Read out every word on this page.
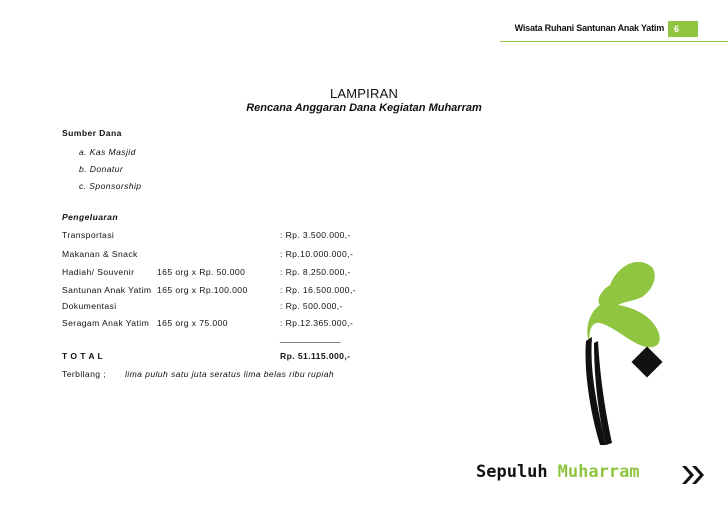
Wisata Ruhani Santunan Anak Yatim	6
LAMPIRAN
Rencana Anggaran Dana Kegiatan Muharram
Sumber Dana
a. Kas Masjid
b. Donatur
c. Sponsorship
Pengeluaran
Transportasi	: Rp. 3.500.000,-
Makanan & Snack	: Rp.10.000.000,-
Hadiah/ Souvenir	165 org x Rp. 50.000	: Rp. 8.250.000,-
Santunan Anak Yatim 165 org x Rp.100.000	: Rp. 16.500.000,-
Dokumentasi	: Rp. 500.000,-
Seragam Anak Yatim 165 org x 75.000	: Rp.12.365.000,-
______________
T O T A L	Rp. 51.115.000,-
Terbilang ; lima puluh satu juta seratus lima belas ribu rupiah
Sepuluh Muharram
